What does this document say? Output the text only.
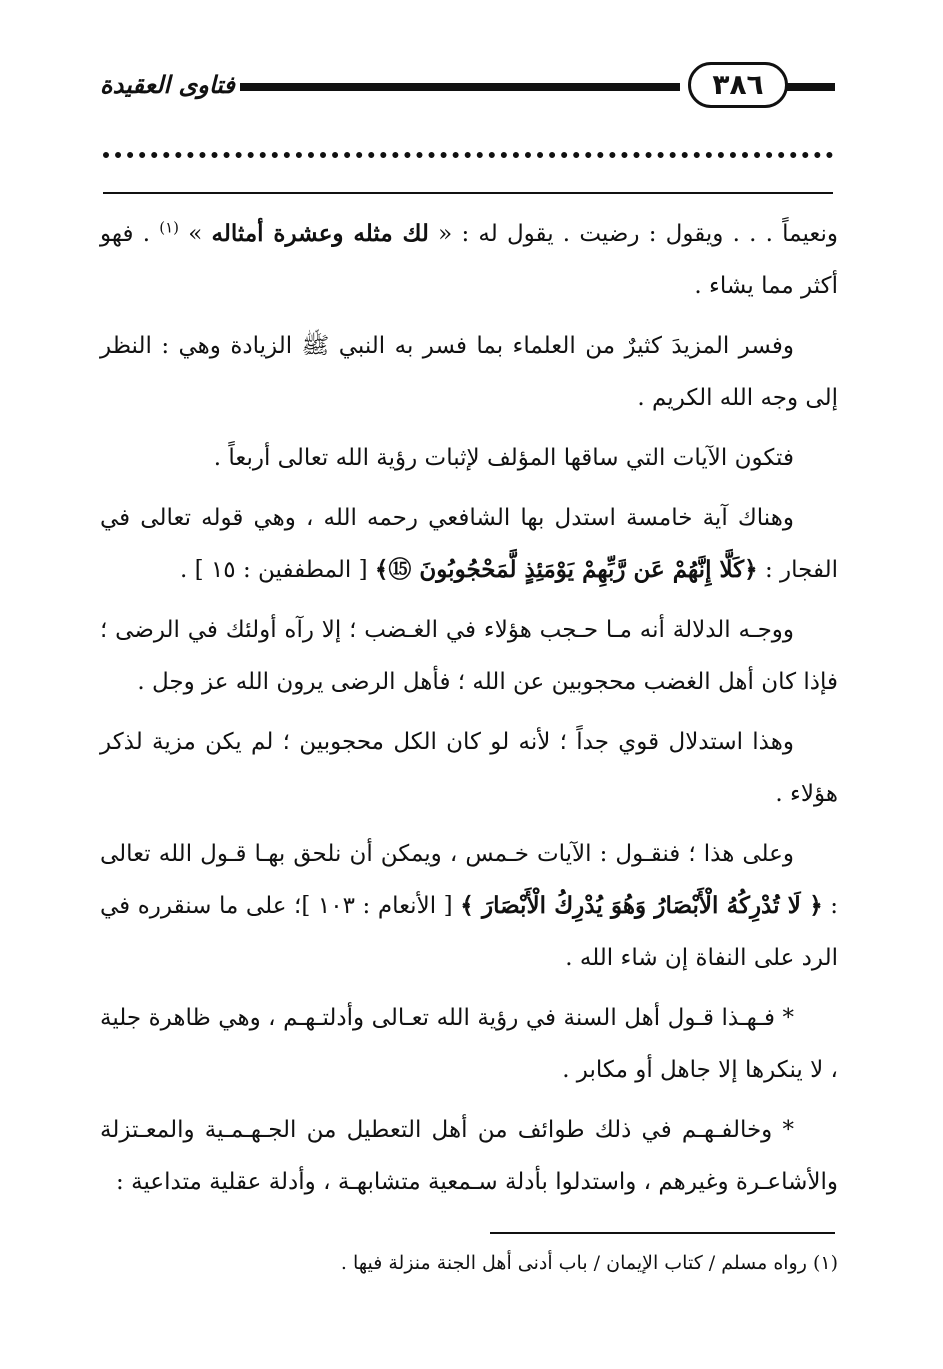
فتاوى العقيدة	٣٨٦

ونعيماً . . . ويقول : رضيت . يقول له : « لك مثله وعشرة أمثاله » $^{(١)}$ . فهو أكثر مما يشاء .

وفسر المزيدَ كثيرٌ من العلماء بما فسر به النبي ﷺ الزيادة وهي : النظر إلى وجه الله الكريم .

فتكون الآيات التي ساقها المؤلف لإثبات رؤية الله تعالى أربعاً .

وهناك آية خامسة استدل بها الشافعي رحمه الله ، وهي قوله تعالى في الفجار : ﴿كَلَّا إِنَّهُمْ عَن رَّبِّهِمْ يَوْمَئِذٍ لَّمَحْجُوبُونَ ⑮﴾ [ المطففين : ١٥ ] .

ووجـه الدلالة أنه مـا حـجب هؤلاء في الغـضب ؛ إلا رآه أولئك في الرضى ؛ فإذا كان أهل الغضب محجوبين عن الله ؛ فأهل الرضى يرون الله عز وجل .

وهذا استدلال قوي جداً ؛ لأنه لو كان الكل محجوبين ؛ لم يكن مزية لذكر هؤلاء .

وعلى هذا ؛ فنقـول : الآيات خـمس ، ويمكن أن نلحق بهـا قـول الله تعالى : ﴿ لَا تُدْرِكُهُ الْأَبْصَارُ وَهُوَ يُدْرِكُ الْأَبْصَارَ ﴾ [ الأنعام : ١٠٣ ]؛ على ما سنقرره في الرد على النفاة إن شاء الله .

* فـهـذا قـول أهل السنة في رؤية الله تعـالى وأدلتـهـم ، وهي ظاهرة جلية ، لا ينكرها إلا جاهل أو مكابر .

* وخالفـهـم في ذلك طوائف من أهل التعطيل من الجـهـمـية والمعـتزلة والأشاعـرة وغيرهم ، واستدلوا بأدلة سـمعية متشابهـة ، وأدلة عقلية متداعية :

(١) رواه مسلم / كتاب الإيمان / باب أدنى أهل الجنة منزلة فيها .
